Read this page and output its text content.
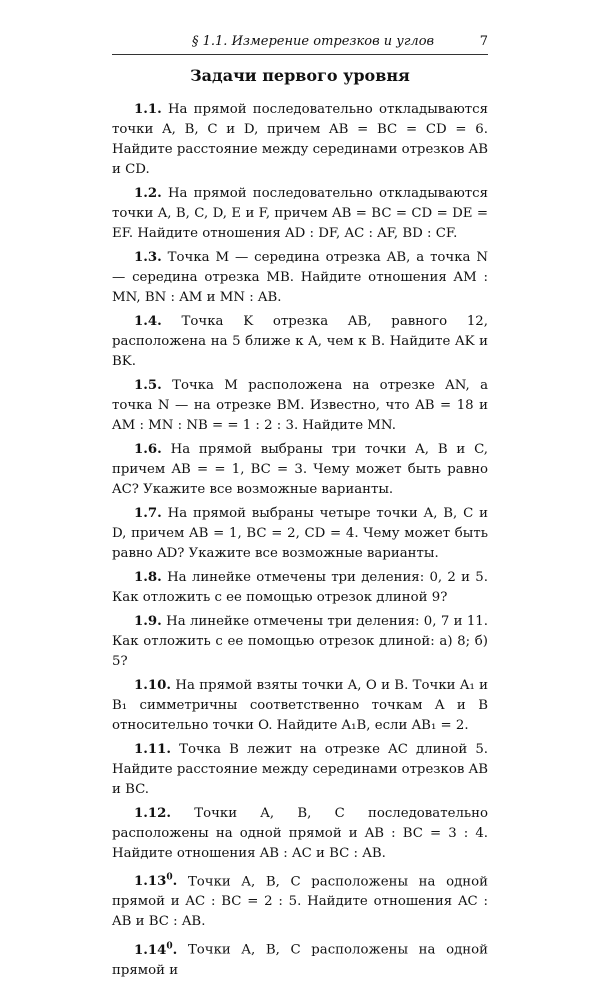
§ 1.1. Измерение отрезков и углов	7
Задачи первого уровня

1.1. На прямой последовательно откладываются точки A, B, C и D, причем AB = BC = CD = 6. Найдите расстояние между серединами отрезков AB и CD.

1.2. На прямой последовательно откладываются точки A, B, C, D, E и F, причем AB = BC = CD = DE = EF. Найдите отношения AD : DF, AC : AF, BD : CF.

1.3. Точка M — середина отрезка AB, а точка N — середина отрезка MB. Найдите отношения AM : MN, BN : AM и MN : AB.

1.4. Точка K отрезка AB, равного 12, расположена на 5 ближе к A, чем к B. Найдите AK и BK.

1.5. Точка M расположена на отрезке AN, а точка N — на отрезке BM. Известно, что AB = 18 и AM : MN : NB = = 1 : 2 : 3. Найдите MN.

1.6. На прямой выбраны три точки A, B и C, причем AB = = 1, BC = 3. Чему может быть равно AC? Укажите все возможные варианты.

1.7. На прямой выбраны четыре точки A, B, C и D, причем AB = 1, BC = 2, CD = 4. Чему может быть равно AD? Укажите все возможные варианты.

1.8. На линейке отмечены три деления: 0, 2 и 5. Как отложить с ее помощью отрезок длиной 9?

1.9. На линейке отмечены три деления: 0, 7 и 11. Как отложить с ее помощью отрезок длиной: а) 8; б) 5?

1.10. На прямой взяты точки A, O и B. Точки A₁ и B₁ симметричны соответственно точкам A и B относительно точки O. Найдите A₁B, если AB₁ = 2.

1.11. Точка B лежит на отрезке AC длиной 5. Найдите расстояние между серединами отрезков AB и BC.

1.12. Точки A, B, C последовательно расположены на одной прямой и AB : BC = 3 : 4. Найдите отношения AB : AC и BC : AB.

1.13$^0$. Точки A, B, C расположены на одной прямой и AC : BC = 2 : 5. Найдите отношения AC : AB и BC : AB.

1.14$^0$. Точки A, B, C расположены на одной прямой и
